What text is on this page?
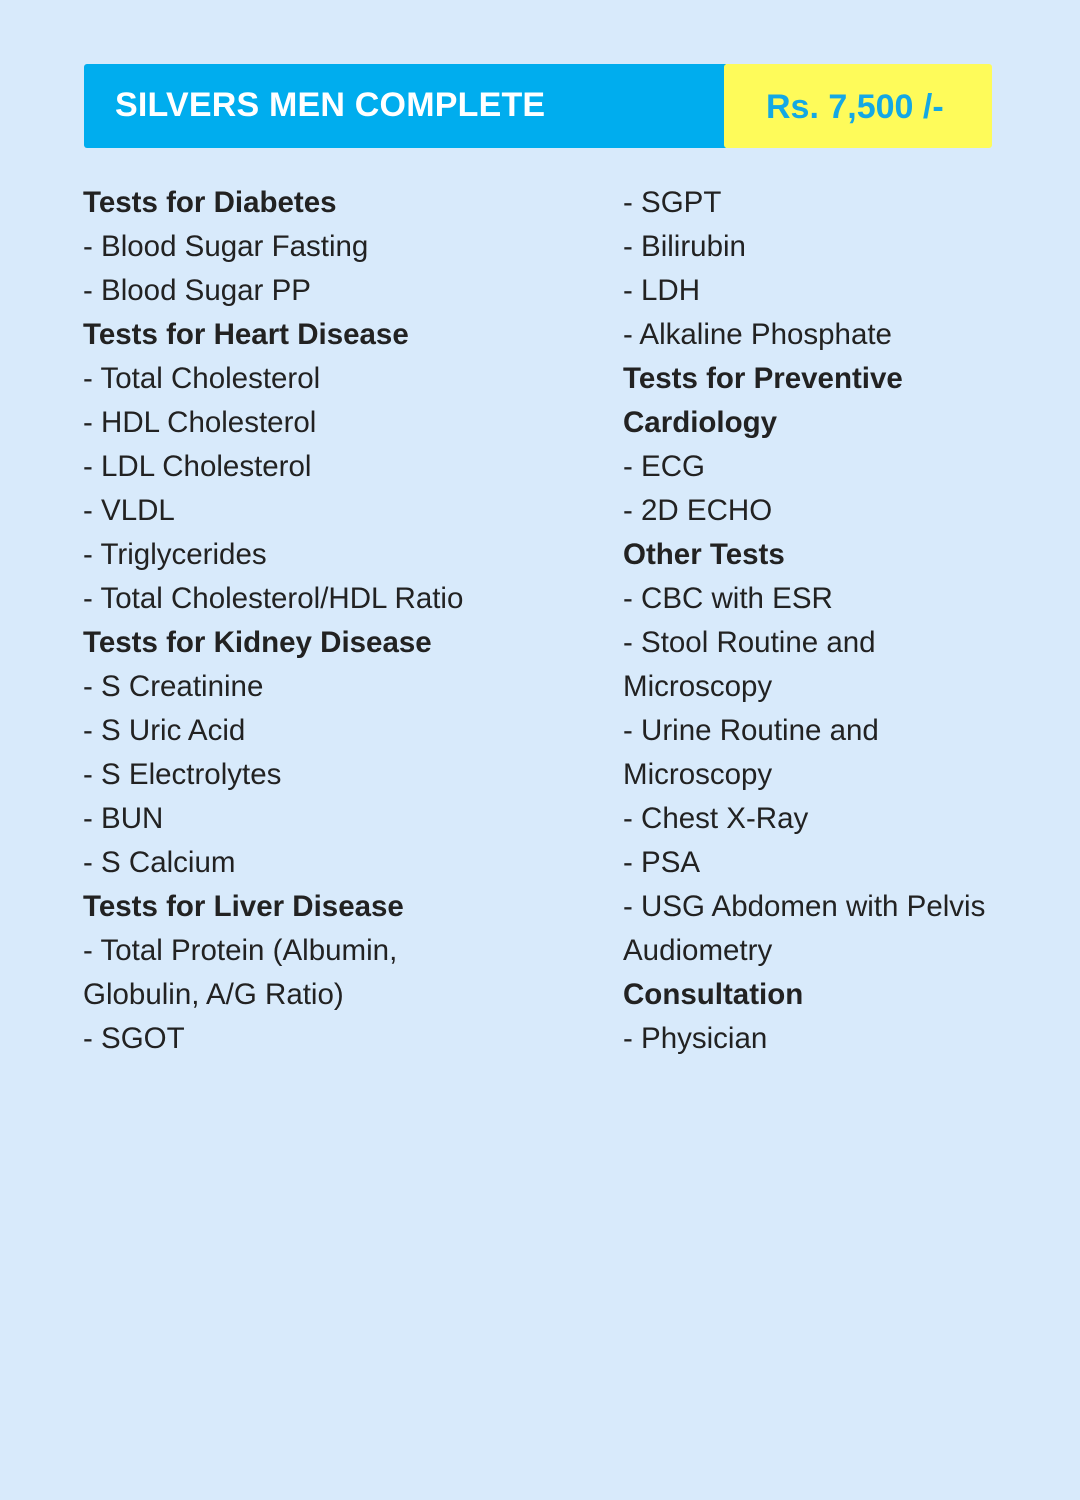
SILVERS MEN COMPLETE	Rs. 7,500 /-
Tests for Diabetes
- Blood Sugar Fasting
- Blood Sugar PP
Tests for Heart Disease
- Total Cholesterol
- HDL Cholesterol
- LDL Cholesterol
- VLDL
- Triglycerides
- Total Cholesterol/HDL Ratio
Tests for Kidney Disease
- S Creatinine
- S Uric Acid
- S Electrolytes
- BUN
- S Calcium
Tests for Liver Disease
- Total Protein (Albumin,
Globulin, A/G Ratio)
- SGOT
- SGPT
- Bilirubin
- LDH
- Alkaline Phosphate
Tests for Preventive
Cardiology
- ECG
- 2D ECHO
Other Tests
- CBC with ESR
- Stool Routine and
Microscopy
- Urine Routine and
Microscopy
- Chest X-Ray
- PSA
- USG Abdomen with Pelvis
Audiometry
Consultation
- Physician
